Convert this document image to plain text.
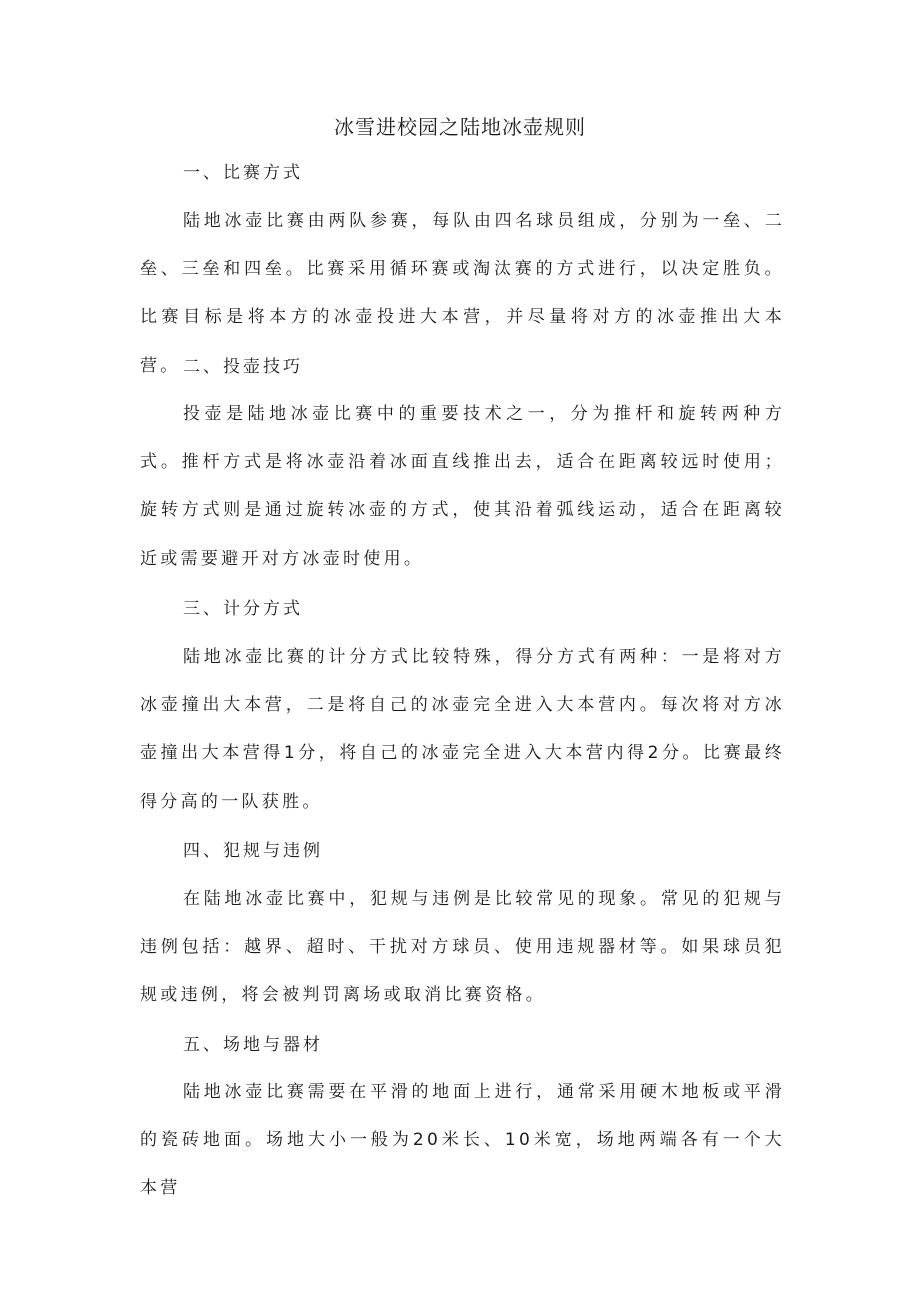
冰雪进校园之陆地冰壶规则
一、比赛方式
陆地冰壶比赛由两队参赛，每队由四名球员组成，分别为一垒、二垒、三垒和四垒。比赛采用循环赛或淘汰赛的方式进行，以决定胜负。比赛目标是将本方的冰壶投进大本营，并尽量将对方的冰壶推出大本营。 二、投壶技巧
投壶是陆地冰壶比赛中的重要技术之一，分为推杆和旋转两种方式。推杆方式是将冰壶沿着冰面直线推出去，适合在距离较远时使用；旋转方式则是通过旋转冰壶的方式，使其沿着弧线运动，适合在距离较近或需要避开对方冰壶时使用。
三、计分方式
陆地冰壶比赛的计分方式比较特殊，得分方式有两种：一是将对方冰壶撞出大本营，二是将自己的冰壶完全进入大本营内。每次将对方冰壶撞出大本营得1分，将自己的冰壶完全进入大本营内得2分。比赛最终得分高的一队获胜。
四、犯规与违例
在陆地冰壶比赛中，犯规与违例是比较常见的现象。常见的犯规与违例包括：越界、超时、干扰对方球员、使用违规器材等。如果球员犯规或违例，将会被判罚离场或取消比赛资格。
五、场地与器材
陆地冰壶比赛需要在平滑的地面上进行，通常采用硬木地板或平滑的瓷砖地面。场地大小一般为20米长、10米宽，场地两端各有一个大本营
